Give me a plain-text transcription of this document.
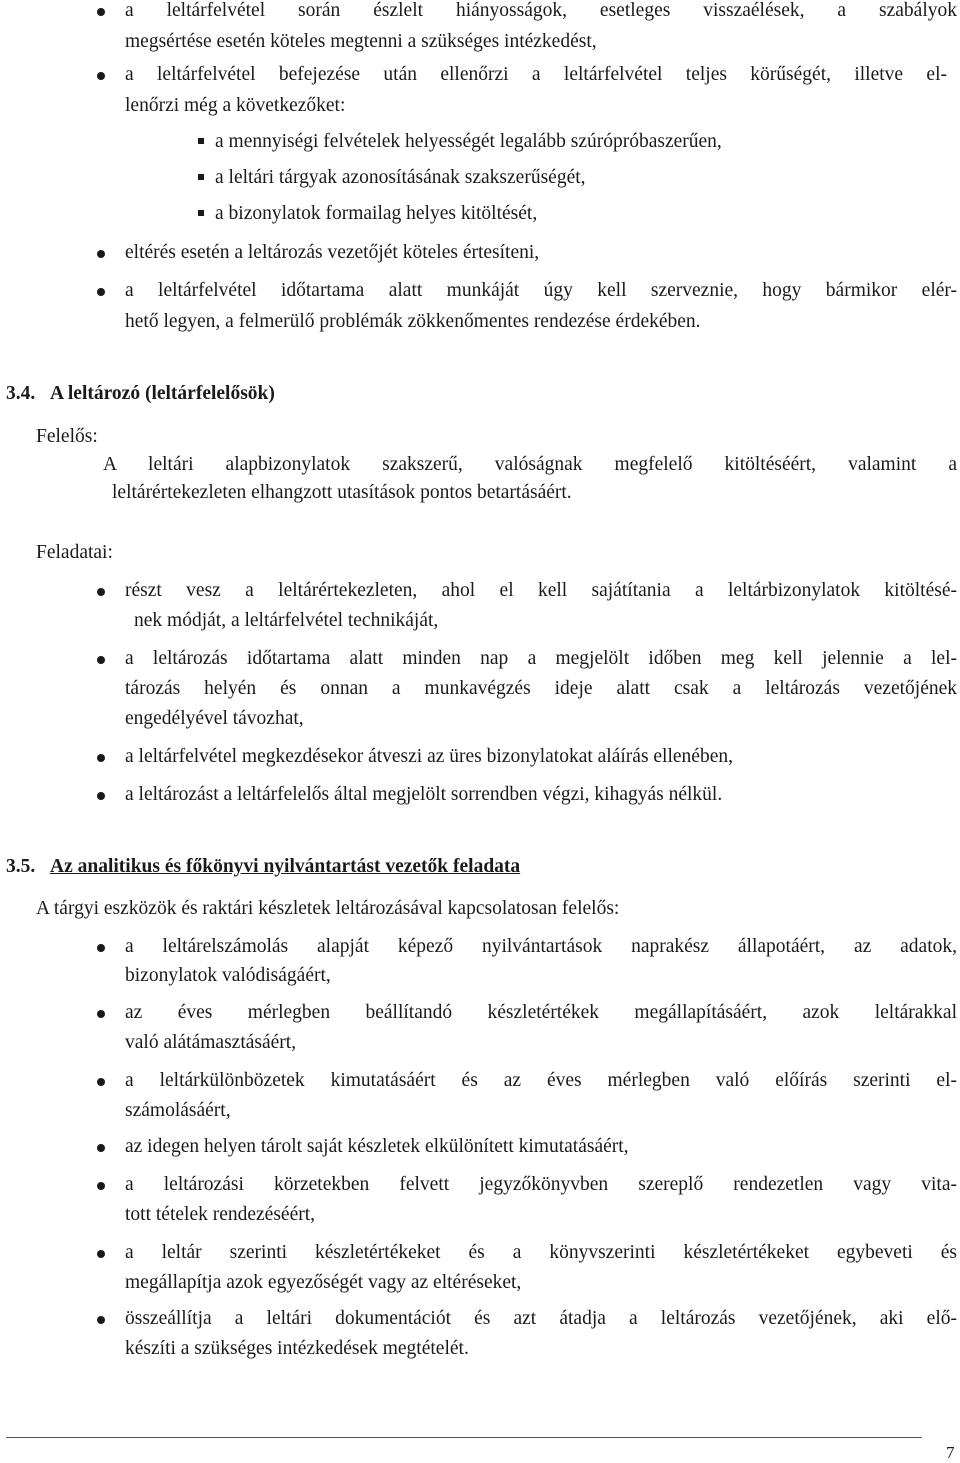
a leltárfelvétel során észlelt hiányosságok, esetleges visszaélések, a szabályok
megsértése esetén köteles megtenni a szükséges intézkedést,
a leltárfelvétel befejezése után ellenőrzi a leltárfelvétel teljes körűségét, illetve el-
lenőrzi még a következőket:
a mennyiségi felvételek helyességét legalább szúrópróbaszerűen,
a leltári tárgyak azonosításának szakszerűségét,
a bizonylatok formailag helyes kitöltését,
eltérés esetén a leltározás vezetőjét köteles értesíteni,
a leltárfelvétel időtartama alatt munkáját úgy kell szerveznie, hogy bármikor elér-
hető legyen, a felmerülő problémák zökkenőmentes rendezése érdekében.
3.4. A leltározó (leltárfelelősök)
Felelős:
A leltári alapbizonylatok szakszerű, valóságnak megfelelő kitöltéséért, valamint a
leltárértekezleten elhangzott utasítások pontos betartásáért.
Feladatai:
részt vesz a leltárértekezleten, ahol el kell sajátítania a leltárbizonylatok kitöltésé-
nek módját, a leltárfelvétel technikáját,
a leltározás időtartama alatt minden nap a megjelölt időben meg kell jelennie a lel-
tározás helyén és onnan a munkavégzés ideje alatt csak a leltározás vezetőjének
engedélyével távozhat,
a leltárfelvétel megkezdésekor átveszi az üres bizonylatokat aláírás ellenében,
a leltározást a leltárfelelős által megjelölt sorrendben végzi, kihagyás nélkül.
3.5. Az analitikus és főkönyvi nyilvántartást vezetők feladata
A tárgyi eszközök és raktári készletek leltározásával kapcsolatosan felelős:
a leltárelszámolás alapját képező nyilvántartások naprakész állapotáért, az adatok,
bizonylatok valódiságáért,
az éves mérlegben beállítandó készletértékek megállapításáért, azok leltárakkal
való alátámasztásáért,
a leltárkülönbözetek kimutatásáért és az éves mérlegben való előírás szerinti el-
számolásáért,
az idegen helyen tárolt saját készletek elkülönített kimutatásáért,
a leltározási körzetekben felvett jegyzőkönyvben szereplő rendezetlen vagy vita-
tott tételek rendezéséért,
a leltár szerinti készletértékeket és a könyvszerinti készletértékeket egybeveti és
megállapítja azok egyezőségét vagy az eltéréseket,
összeállítja a leltári dokumentációt és azt átadja a leltározás vezetőjének, aki elő-
készíti a szükséges intézkedések megtételét.
7
